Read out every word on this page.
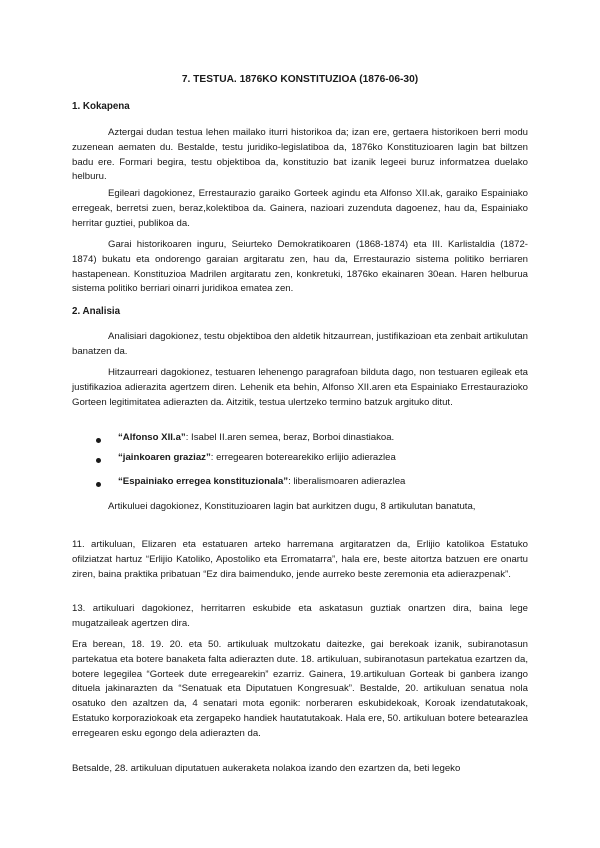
7. TESTUA. 1876KO KONSTITUZIOA (1876-06-30)
1. Kokapena
Aztergai dudan testua lehen mailako iturri historikoa da; izan ere, gertaera historikoen berri modu zuzenean aematen du. Bestalde, testu juridiko-legislatiboa da, 1876ko Konstituzioaren lagin bat biltzen badu ere. Formari begira, testu objektiboa da, konstituzio bat izanik legeei buruz informatzea duelako helburu.
Egileari dagokionez, Errestaurazio garaiko Gorteek agindu eta Alfonso XII.ak, garaiko Espainiako erregeak, berretsi zuen, beraz,kolektiboa da. Gainera, nazioari zuzenduta dagoenez, hau da, Espainiako herritar guztiei, publikoa da.
Garai historikoaren inguru, Seiurteko Demokratikoaren (1868-1874) eta III. Karlistaldia (1872-1874) bukatu eta ondorengo garaian argitaratu zen, hau da, Errestaurazio sistema politiko berriaren hastapenean. Konstituzioa Madrilen argitaratu zen, konkretuki, 1876ko ekainaren 30ean. Haren helburua sistema politiko berriari oinarri juridikoa ematea zen.
2. Analisia
Analisiari dagokionez, testu objektiboa den aldetik hitzaurrean, justifikazioan eta zenbait artikulutan banatzen da.
Hitzaurreari dagokionez, testuaren lehenengo paragrafoan bilduta dago, non testuaren egileak eta justifikazioa adierazita agertzem diren. Lehenik eta behin, Alfonso XII.aren eta Espainiako Errestaurazioko Gorteen legitimitatea adierazten da. Aitzitik, testua ulertzeko termino batzuk argituko ditut.
“Alfonso XII.a”: Isabel II.aren semea, beraz, Borboi dinastiakoa.
“jainkoaren graziaz”: erregearen boterearekiko erlijio adierazlea
“Espainiako erregea konstituzionala”: liberalismoaren adierazlea
Artikuluei dagokionez, Konstituzioaren lagin bat aurkitzen dugu, 8 artikulutan banatuta,
11. artikuluan, Elizaren eta estatuaren arteko harremana argitaratzen da, Erlijio katolikoa Estatuko ofilziatzat hartuz “Erlijio Katoliko, Apostoliko eta Erromatarra”, hala ere, beste aitortza batzuen ere onartu ziren, baina praktika pribatuan “Ez dira baimenduko, jende aurreko beste zeremonia eta adierazpenak”.
13. artikuluari dagokionez, herritarren eskubide eta askatasun guztiak onartzen dira, baina lege mugatzaileak agertzen dira.
Era berean, 18. 19. 20. eta 50. artikuluak multzokatu daitezke, gai berekoak izanik, subiranotasun partekatua eta botere banaketa falta adierazten dute. 18. artikuluan, subiranotasun partekatua ezartzen da, botere legegilea “Gorteek dute erregearekin” ezarriz. Gainera, 19.artikuluan Gorteak bi ganbera izango dituela jakinarazten da “Senatuak eta Diputatuen Kongresuak”. Bestalde, 20. artikuluan senatua nola osatuko den azaltzen da, 4 senatari mota egonik: norberaren eskubidekoak, Koroak izendatutakoak, Estatuko korporaziokoak eta zergapeko handiek hautatutakoak. Hala ere, 50. artikuluan botere betearazlea erregearen esku egongo dela adierazten da.
Betsalde, 28. artikuluan diputatuen aukeraketa nolakoa izando den ezartzen da, beti legeko
